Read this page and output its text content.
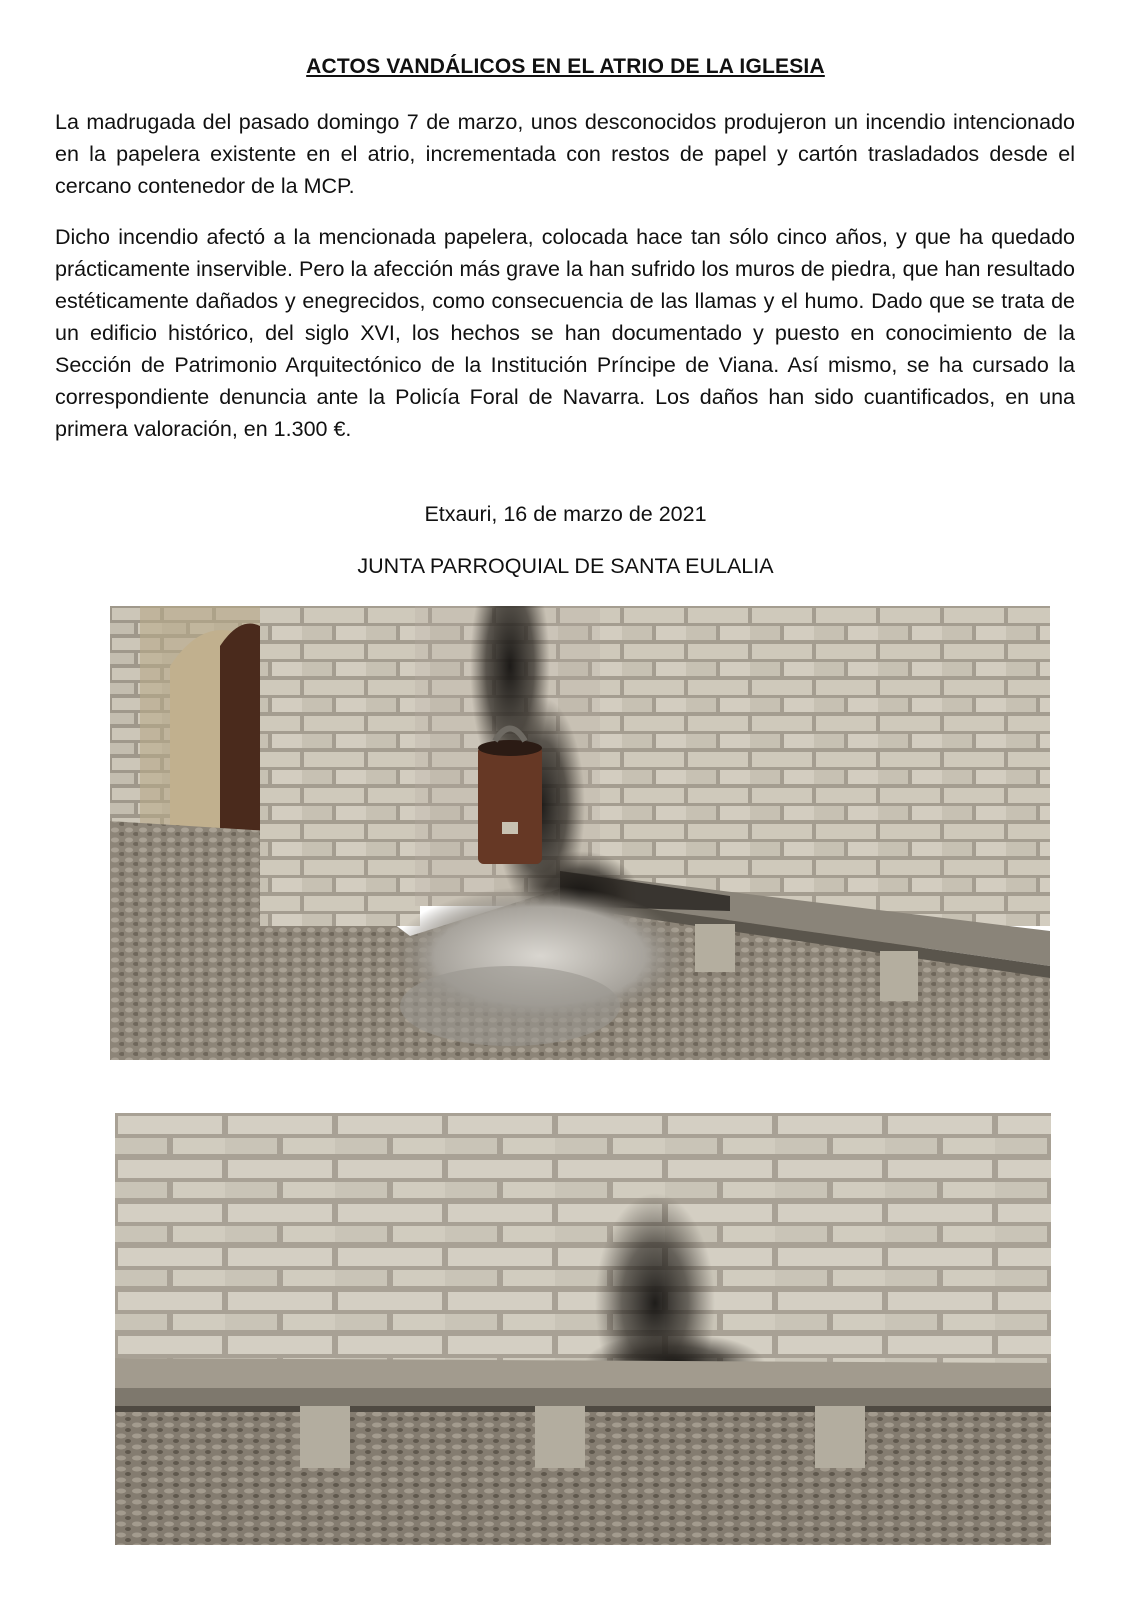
ACTOS VANDÁLICOS EN EL ATRIO DE LA IGLESIA

La madrugada del pasado domingo 7 de marzo, unos desconocidos produjeron un incendio intencionado en la papelera existente en el atrio, incrementada con restos de papel y cartón trasladados desde el cercano contenedor de la MCP.

Dicho incendio afectó a la mencionada papelera, colocada hace tan sólo cinco años, y que ha quedado prácticamente inservible. Pero la afección más grave la han sufrido los muros de piedra, que han resultado estéticamente dañados y enegrecidos, como consecuencia de las llamas y el humo. Dado que se trata de un edificio histórico, del siglo XVI, los hechos se han documentado y puesto en conocimiento de la Sección de Patrimonio Arquitectónico de la Institución Príncipe de Viana. Así mismo, se ha cursado la correspondiente denuncia ante la Policía Foral de Navarra. Los daños han sido cuantificados, en una primera valoración, en 1.300 €.

Etxauri, 16 de marzo de 2021
JUNTA PARROQUIAL DE SANTA EULALIA
